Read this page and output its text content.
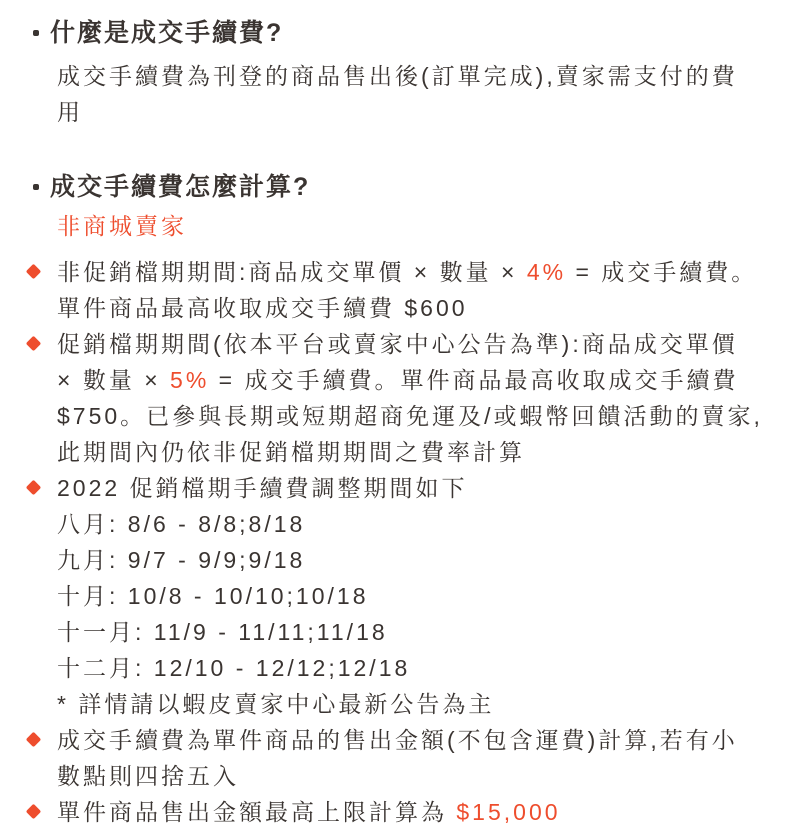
什麼是成交手續費?

成交手續費為刊登的商品售出後(訂單完成),賣家需支付的費用

成交手續費怎麼計算?

非商城賣家

非促銷檔期期間:商品成交單價 × 數量 × 4% = 成交手續費。單件商品最高收取成交手續費 $600
促銷檔期期間(依本平台或賣家中心公告為準):商品成交單價 × 數量 × 5% = 成交手續費。單件商品最高收取成交手續費 $750。已參與長期或短期超商免運及/或蝦幣回饋活動的賣家,此期間內仍依非促銷檔期期間之費率計算
2022 促銷檔期手續費調整期間如下
八月: 8/6 - 8/8;8/18
九月: 9/7 - 9/9;9/18
十月: 10/8 - 10/10;10/18
十一月: 11/9 - 11/11;11/18
十二月: 12/10 - 12/12;12/18
* 詳情請以蝦皮賣家中心最新公告為主
成交手續費為單件商品的售出金額(不包含運費)計算,若有小數點則四捨五入
單件商品售出金額最高上限計算為 $15,000
